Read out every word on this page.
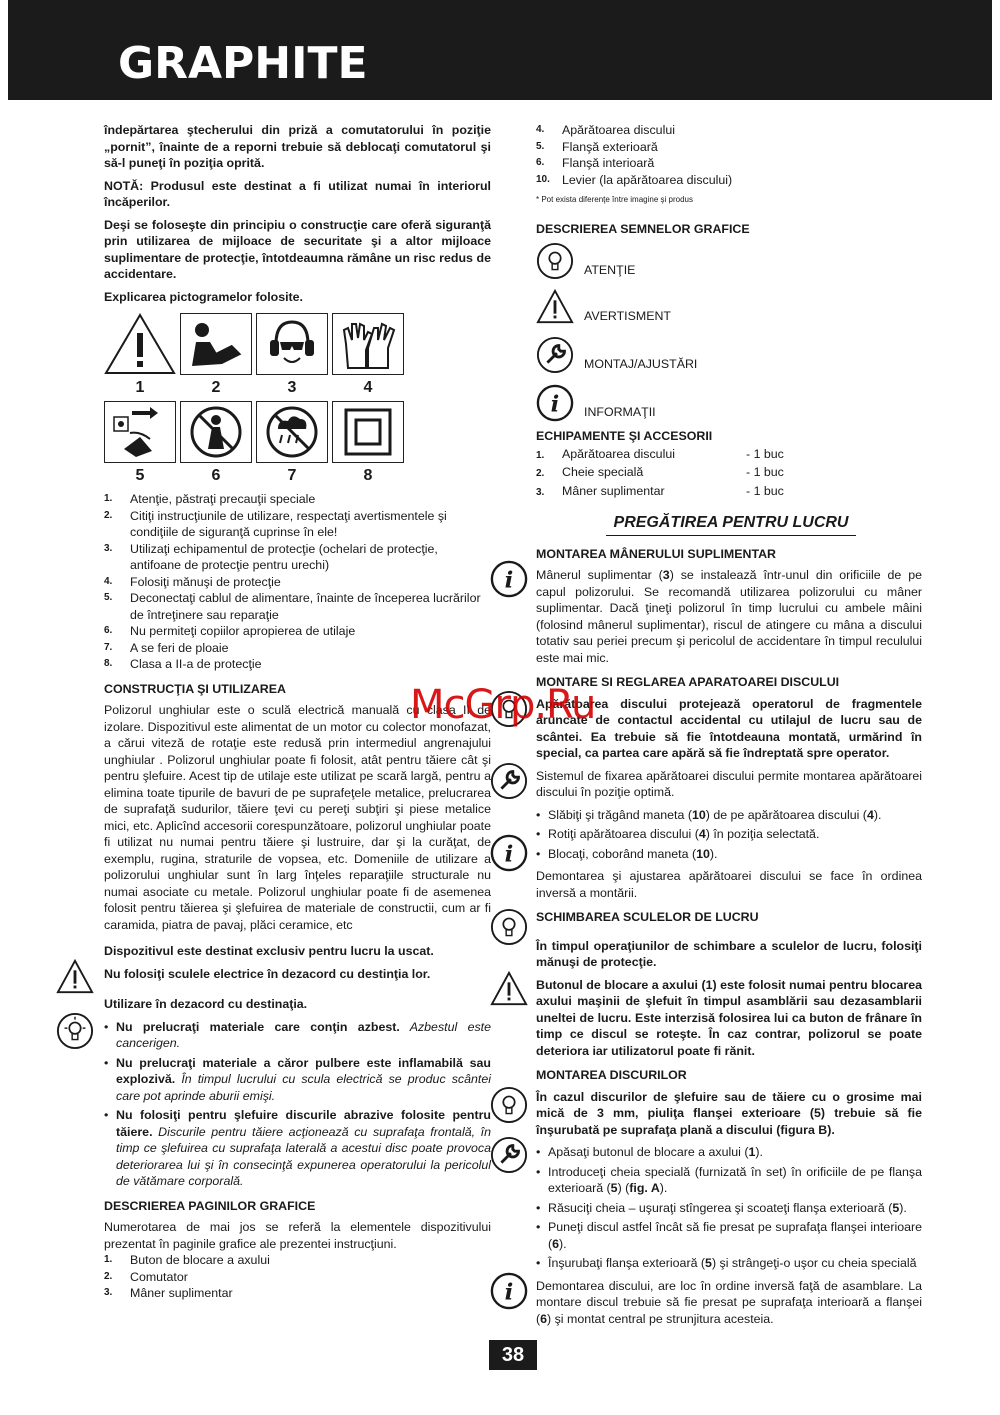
GRAPHITE
i
i
i

îndepărtarea ştecherului din priză a comutatorului în poziţie „pornit”, înainte de a reporni trebuie să deblocaţi comutatorul şi să-l puneţi în poziţia oprită.

NOTĂ: Produsul este destinat a fi utilizat numai în interiorul încăperilor.

Deşi se foloseşte din principiu o construcţie care oferă siguranţă prin utilizarea de mijloace de securitate şi a altor mijloace suplimentare de protecţie, întotdeaumna rămâne un risc redus de accidentare.

Explicarea pictogramelor folosite.

1	2	3	4
5	6	7	8
1. Atenţie, păstraţi precauţii speciale
2. Citiţi instrucţiunile de utilizare, respectaţi avertismentele şi condiţiile de siguranţă cuprinse în ele!
3. Utilizaţi echipamentul de protecţie (ochelari de protecţie, antifoane de protecţie pentru urechi)
4. Folosiţi mănuşi de protecţie
5. Deconectaţi cablul de alimentare, înainte de începerea lucrărilor de întreţinere sau reparaţie
6. Nu permiteţi copiilor apropierea de utilaje
7. A se feri de ploaie
8. Clasa a II-a de protecţie
CONSTRUCŢIA ŞI UTILIZAREA

Polizorul unghiular este o sculă electrică manuală cu clasa II de izolare. Dispozitivul este alimentat de un motor cu colector monofazat, a cărui viteză de rotaţie este redusă prin intermediul angrenajului unghiular . Polizorul unghiular poate fi folosit, atât pentru tăiere cât şi pentru şlefuire. Acest tip de utilaje este utilizat pe scară largă, pentru a elimina toate tipurile de bavuri de pe suprafeţele metalice, prelucrarea de suprafaţă sudurilor, tăiere ţevi cu pereţi subţiri şi piese metalice mici, etc. Aplicînd accesorii corespunzătoare, polizorul unghiular poate fi utilizat nu numai pentru tăiere şi lustruire, dar şi la curăţat, de exemplu, rugina, straturile de vopsea, etc. Domeniile de utilizare a polizorului unghiular sunt în larg înţeles reparaţiile structurale nu numai asociate cu metale. Polizorul unghiular poate fi de asemenea folosit pentru tăierea şi şlefuirea de materiale de constructii, cum ar fi caramida, piatra de pavaj, plăci ceramice, etc

Dispozitivul este destinat exclusiv pentru lucru la uscat.

Nu folosiţi sculele electrice în dezacord cu destinţia lor.

Utilizare în dezacord cu destinaţia.

• Nu prelucraţi materiale care conţin azbest. Azbestul este cancerigen.
• Nu prelucraţi materiale a căror pulbere este inflamabilă sau explozivă. În timpul lucrului cu scula electrică se produc scântei care pot aprinde aburii emişi.
• Nu folosiţi pentru şlefuire discurile abrazive folosite pentru tăiere. Discurile pentru tăiere acţionează cu suprafaţa frontală, în timp ce şlefuirea cu suprafaţa laterală a acestui disc poate provoca deteriorarea lui şi în consecinţă expunerea operatorului la pericolul de vătămare corporală.
DESCRIEREA PAGINILOR GRAFICE

Numerotarea de mai jos se referă la elementele dispozitivului prezentat în paginile grafice ale prezentei instrucţiuni.

1. Buton de blocare a axului
2. Comutator
3. Mâner suplimentar
4. Apărătoarea discului
5. Flanşă exterioară
6. Flanşă interioară
10. Levier (la apărătoarea discului)
* Pot exista diferenţe între imagine şi produs
DESCRIEREA SEMNELOR GRAFICE
ATENŢIE
AVERTISMENT
MONTAJ/AJUSTĂRI
i INFORMAŢII
ECHIPAMENTE ŞI ACCESORII
1. Apărătoarea discului	- 1 buc
2. Cheie specială	- 1 buc
3. Mâner suplimentar	- 1 buc
PREGĂTIREA PENTRU LUCRU
MONTAREA MÂNERULUI SUPLIMENTAR

Mânerul suplimentar (3) se instalează într-unul din orificiile de pe capul polizorului. Se recomandă utilizarea polizorului cu mâner suplimentar. Dacă ţineţi polizorul în timp lucrului cu ambele mâini (folosind mânerul suplimentar), riscul de atingere cu mâna a discului totativ sau periei precum şi pericolul de accidentare în timpul reculului este mai mic.

MONTARE SI REGLAREA APARATOAREI DISCULUI

Apărătoarea discului protejează operatorul de fragmentele aruncate de contactul accidental cu utilajul de lucru sau de scântei. Ea trebuie să fie întotdeauna montată, urmărind în special, ca partea care apără să fie îndreptată spre operator.

Sistemul de fixarea apărătoarei discului permite montarea apărătoarei discului în poziţie optimă.

• Slăbiţi şi trăgând maneta (10) de pe apărătoarea discului (4).
• Rotiţi apărătoarea discului (4) în poziţia selectată.
• Blocaţi, coborând maneta (10).

Demontarea şi ajustarea apărătoarei discului se face în ordinea inversă a montării.

SCHIMBAREA SCULELOR DE LUCRU

În timpul operaţiunilor de schimbare a sculelor de lucru, folosiţi mănuşi de protecţie.

Butonul de blocare a axului (1) este folosit numai pentru blocarea axului maşinii de şlefuit în timpul asamblării sau dezasamblarii uneltei de lucru. Este interzisă folosirea lui ca buton de frânare în timp ce discul se roteşte. În caz contrar, polizorul se poate deteriora iar utilizatorul poate fi rănit.

MONTAREA DISCURILOR

În cazul discurilor de şlefuire sau de tăiere cu o grosime mai mică de 3 mm, piuliţa flanşei exterioare (5) trebuie să fie înşurubată pe suprafaţa plană a discului (figura B).

• Apăsaţi butonul de blocare a axului (1).
• Introduceţi cheia specială (furnizată în set) în orificiile de pe flanşa exterioară (5) (fig. A).
• Răsuciţi cheia – uşuraţi stîngerea şi scoateţi flanşa exterioară (5).
• Puneţi discul astfel încât să fie presat pe suprafaţa flanşei interioare (6).
• Înşurubaţi flanşa exterioară (5) şi strângeţi-o uşor cu cheia specială

Demontarea discului, are loc în ordine inversă faţă de asamblare. La montare discul trebuie să fie presat pe suprafaţa interioară a flanşei (6) şi montat central pe strunjitura acesteia.

McGrp.Ru
38
